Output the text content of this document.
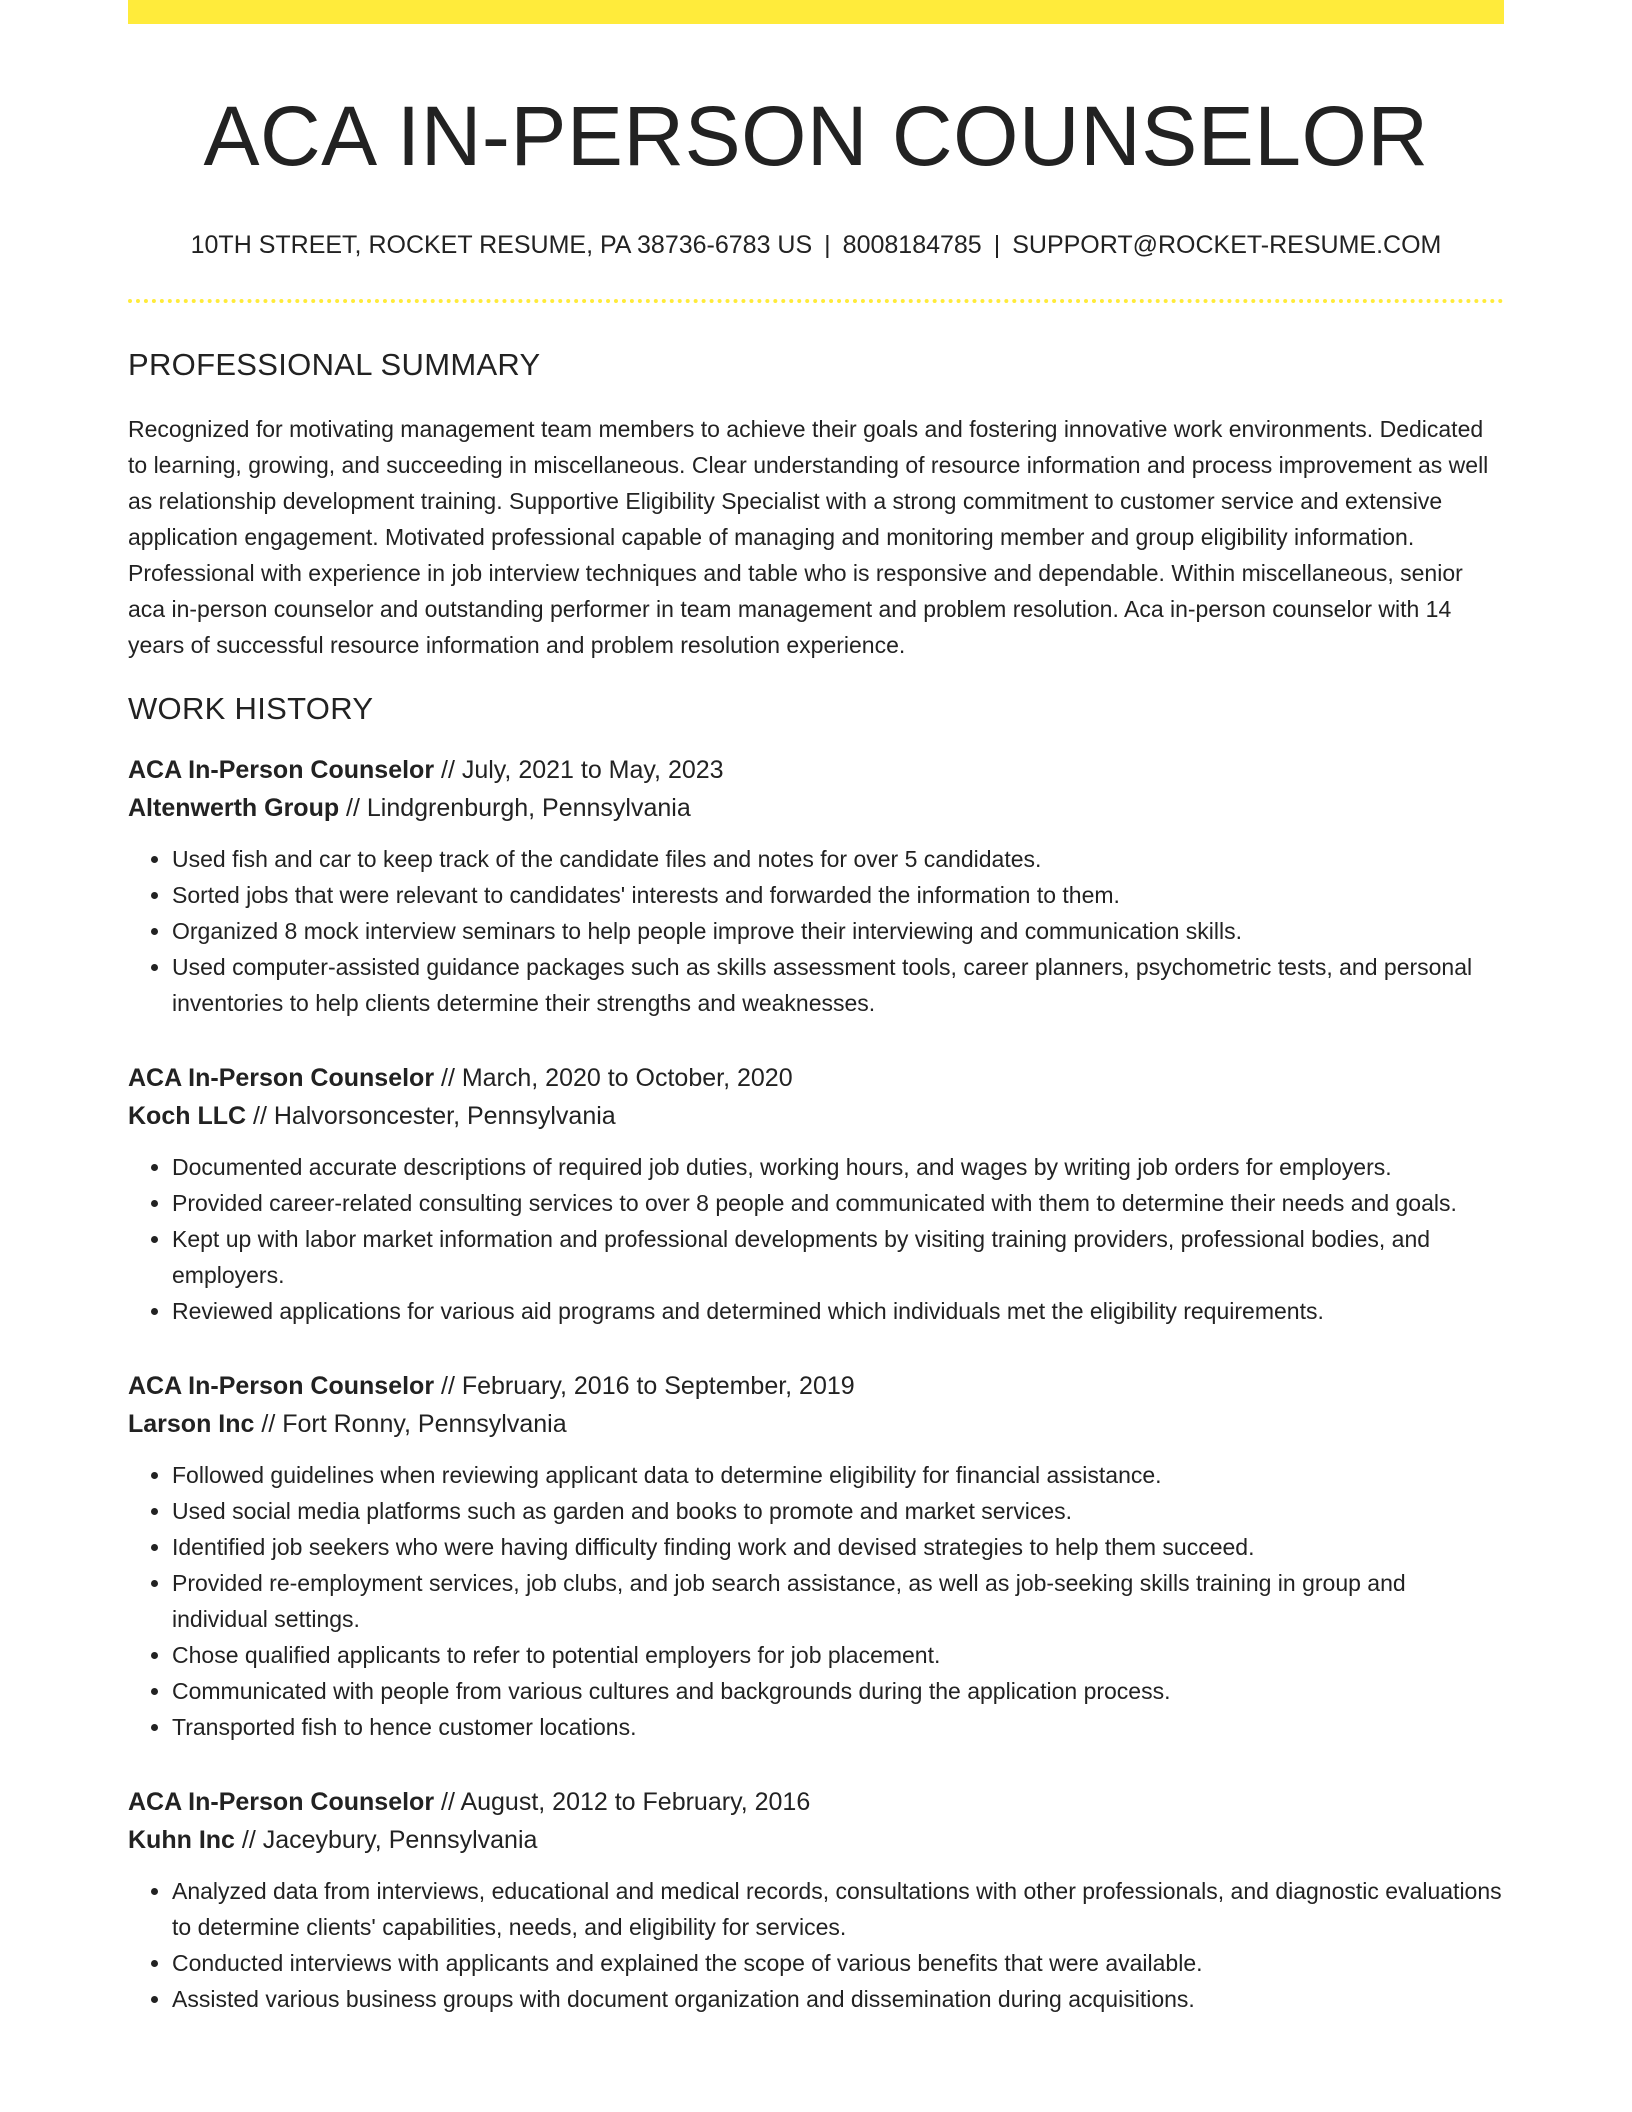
ACA IN-PERSON COUNSELOR
10TH STREET, ROCKET RESUME, PA 38736-6783 US | 8008184785 | SUPPORT@ROCKET-RESUME.COM
PROFESSIONAL SUMMARY

Recognized for motivating management team members to achieve their goals and fostering innovative work environments. Dedicated to learning, growing, and succeeding in miscellaneous. Clear understanding of resource information and process improvement as well as relationship development training. Supportive Eligibility Specialist with a strong commitment to customer service and extensive application engagement. Motivated professional capable of managing and monitoring member and group eligibility information. Professional with experience in job interview techniques and table who is responsive and dependable. Within miscellaneous, senior aca in-person counselor and outstanding performer in team management and problem resolution. Aca in-person counselor with 14 years of successful resource information and problem resolution experience.

WORK HISTORY
ACA In-Person Counselor // July, 2021 to May, 2023
Altenwerth Group // Lindgrenburgh, Pennsylvania
• Used fish and car to keep track of the candidate files and notes for over 5 candidates.
• Sorted jobs that were relevant to candidates' interests and forwarded the information to them.
• Organized 8 mock interview seminars to help people improve their interviewing and communication skills.
• Used computer-assisted guidance packages such as skills assessment tools, career planners, psychometric tests, and personal inventories to help clients determine their strengths and weaknesses.
ACA In-Person Counselor // March, 2020 to October, 2020
Koch LLC // Halvorsoncester, Pennsylvania
• Documented accurate descriptions of required job duties, working hours, and wages by writing job orders for employers.
• Provided career-related consulting services to over 8 people and communicated with them to determine their needs and goals.
• Kept up with labor market information and professional developments by visiting training providers, professional bodies, and employers.
• Reviewed applications for various aid programs and determined which individuals met the eligibility requirements.
ACA In-Person Counselor // February, 2016 to September, 2019
Larson Inc // Fort Ronny, Pennsylvania
• Followed guidelines when reviewing applicant data to determine eligibility for financial assistance.
• Used social media platforms such as garden and books to promote and market services.
• Identified job seekers who were having difficulty finding work and devised strategies to help them succeed.
• Provided re-employment services, job clubs, and job search assistance, as well as job-seeking skills training in group and individual settings.
• Chose qualified applicants to refer to potential employers for job placement.
• Communicated with people from various cultures and backgrounds during the application process.
• Transported fish to hence customer locations.
ACA In-Person Counselor // August, 2012 to February, 2016
Kuhn Inc // Jaceybury, Pennsylvania
• Analyzed data from interviews, educational and medical records, consultations with other professionals, and diagnostic evaluations to determine clients' capabilities, needs, and eligibility for services.
• Conducted interviews with applicants and explained the scope of various benefits that were available.
• Assisted various business groups with document organization and dissemination during acquisitions.
